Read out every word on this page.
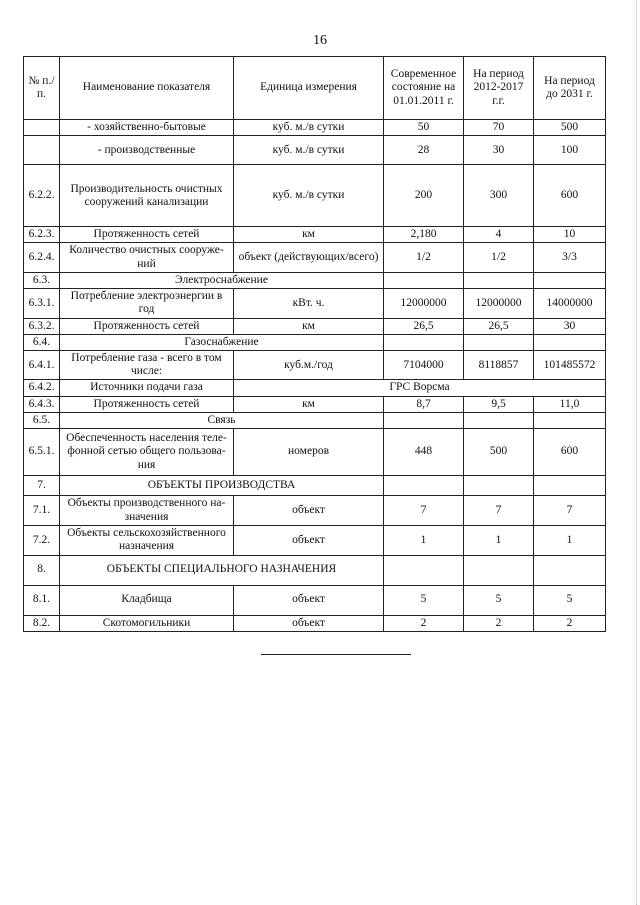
16
№ п./п.	Наименование показателя	Единица измерения	Современное состояние на 01.01.2011 г.	На период 2012-2017 г.г.	На период до 2031 г.
	- хозяйственно-бытовые	куб. м./в сутки	50	70	500
	- производственные	куб. м./в сутки	28	30	100
6.2.2.	Производительность очистных сооружений канализации	куб. м./в сутки	200	300	600
6.2.3.	Протяженность сетей	км	2,180	4	10
6.2.4.	Количество очистных сооруже-ний	объект (действующих/всего)	1/2	1/2	3/3
6.3.	Электроснабжение				
6.3.1.	Потребление электроэнергии в год	кВт. ч.	12000000	12000000	14000000
6.3.2.	Протяженность сетей	км	26,5	26,5	30
6.4.	Газоснабжение				
6.4.1.	Потребление газа - всего в том числе:	куб.м./год	7104000	8118857	101485572
6.4.2.	Источники подачи газа	ГРС Ворсма			
6.4.3.	Протяженность сетей	км	8,7	9,5	11,0
6.5.	Связь				
6.5.1.	Обеспеченность населения теле-фонной сетью общего пользова-ния	номеров	448	500	600
7.	ОБЪЕКТЫ ПРОИЗВОДСТВА				
7.1.	Объекты производственного на-значения	объект	7	7	7
7.2.	Объекты сельскохозяйственного назначения	объект	1	1	1
8.	ОБЪЕКТЫ СПЕЦИАЛЬНОГО НАЗНАЧЕНИЯ				
8.1.	Кладбища	объект	5	5	5
8.2.	Скотомогильники	объект	2	2	2
